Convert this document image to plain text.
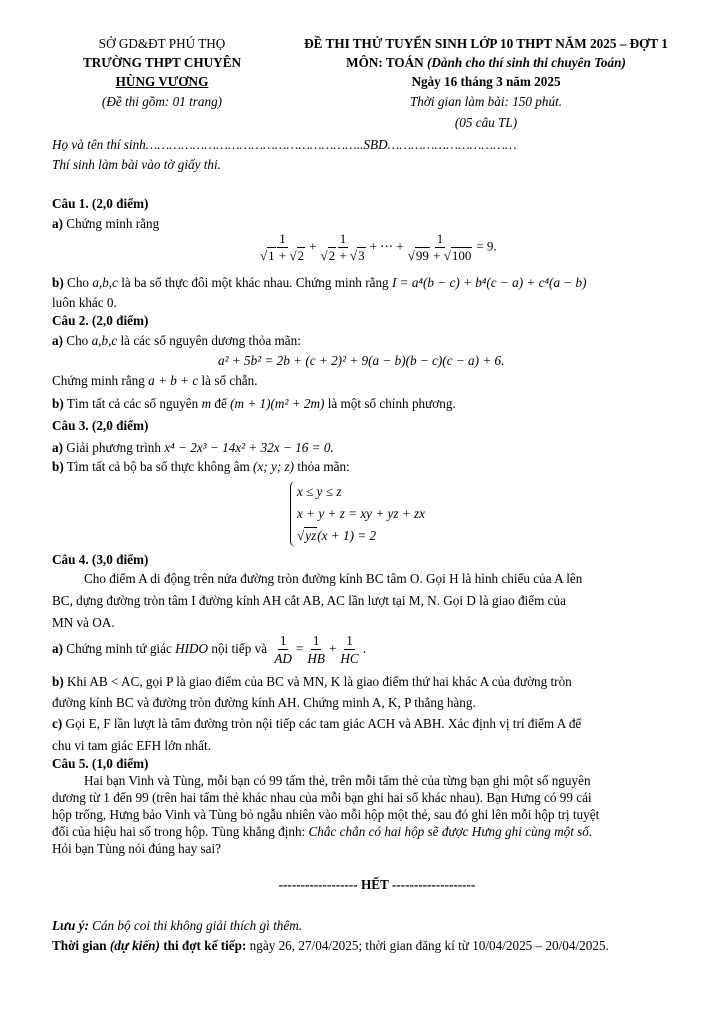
SỞ GD&ĐT PHÚ THỌ
TRƯỜNG THPT CHUYÊN
HÙNG VƯƠNG
(Đề thi gồm: 01 trang)
ĐỀ THI THỬ TUYỂN SINH LỚP 10 THPT NĂM 2025 – ĐỢT 1
MÔN: TOÁN (Dành cho thí sinh thi chuyên Toán)
Ngày 16 tháng 3 năm 2025
Thời gian làm bài: 150 phút.
(05 câu TL)
Họ và tên thí sinh………………………………………………..SBD……………………………
Thí sinh làm bài vào tờ giấy thi.
Câu 1. (2,0 điểm)
a) Chứng minh rằng
$\frac{1}{√1 + √2} + \frac{1}{√2 + √3}$ + ⋯ + $\frac{1}{√99 + √100} = 9$.
b) Cho a,b,c là ba số thực đôi một khác nhau. Chứng minh rằng I = a⁴(b − c) + b⁴(c − a) + c⁴(a − b)
luôn khác 0.
Câu 2. (2,0 điểm)
a) Cho a,b,c là các số nguyên dương thỏa mãn:
a² + 5b² = 2b + (c + 2)² + 9(a − b)(b − c)(c − a) + 6.
Chứng minh rằng a + b + c là số chẵn.
b) Tìm tất cả các số nguyên m để (m + 1)(m² + 2m) là một số chính phương.
Câu 3. (2,0 điểm)
a) Giải phương trình x⁴ − 2x³ − 14x² + 32x − 16 = 0.
b) Tìm tất cả bộ ba số thực không âm (x; y; z) thỏa mãn:
x ≤ y ≤ z
x + y + z = xy + yz + zx
√yz(x + 1) = 2
Câu 4. (3,0 điểm)
Cho điểm A di động trên nửa đường tròn đường kính BC tâm O. Gọi H là hình chiếu của A lên
BC, dựng đường tròn tâm I đường kính AH cắt AB, AC lần lượt tại M, N. Gọi D là giao điểm của
MN và OA.
a) Chứng minh tứ giác HIDO nội tiếp và $\frac{1}{AD} = \frac{1}{HB} + \frac{1}{HC}$ .
b) Khi AB < AC, gọi P là giao điểm của BC và MN, K là giao điểm thứ hai khác A của đường tròn
đường kính BC và đường tròn đường kính AH. Chứng minh A, K, P thẳng hàng.
c) Gọi E, F lần lượt là tâm đường tròn nội tiếp các tam giác ACH và ABH. Xác định vị trí điểm A để
chu vi tam giác EFH lớn nhất.
Câu 5. (1,0 điểm)
Hai bạn Vinh và Tùng, mỗi bạn có 99 tấm thẻ, trên mỗi tấm thẻ của từng bạn ghi một số nguyên
dương từ 1 đến 99 (trên hai tấm thẻ khác nhau của mỗi bạn ghi hai số khác nhau). Bạn Hưng có 99 cái
hộp trống, Hưng bảo Vinh và Tùng bỏ ngẫu nhiên vào mỗi hộp một thẻ, sau đó ghi lên mỗi hộp trị tuyệt
đối của hiệu hai số trong hộp. Tùng khẳng định: Chắc chắn có hai hộp sẽ được Hưng ghi cùng một số.
Hỏi bạn Tùng nói đúng hay sai?
------------------ HẾT -------------------
Lưu ý: Cán bộ coi thi không giải thích gì thêm.
Thời gian (dự kiến) thi đợt kế tiếp: ngày 26, 27/04/2025; thời gian đăng kí từ 10/04/2025 – 20/04/2025.
